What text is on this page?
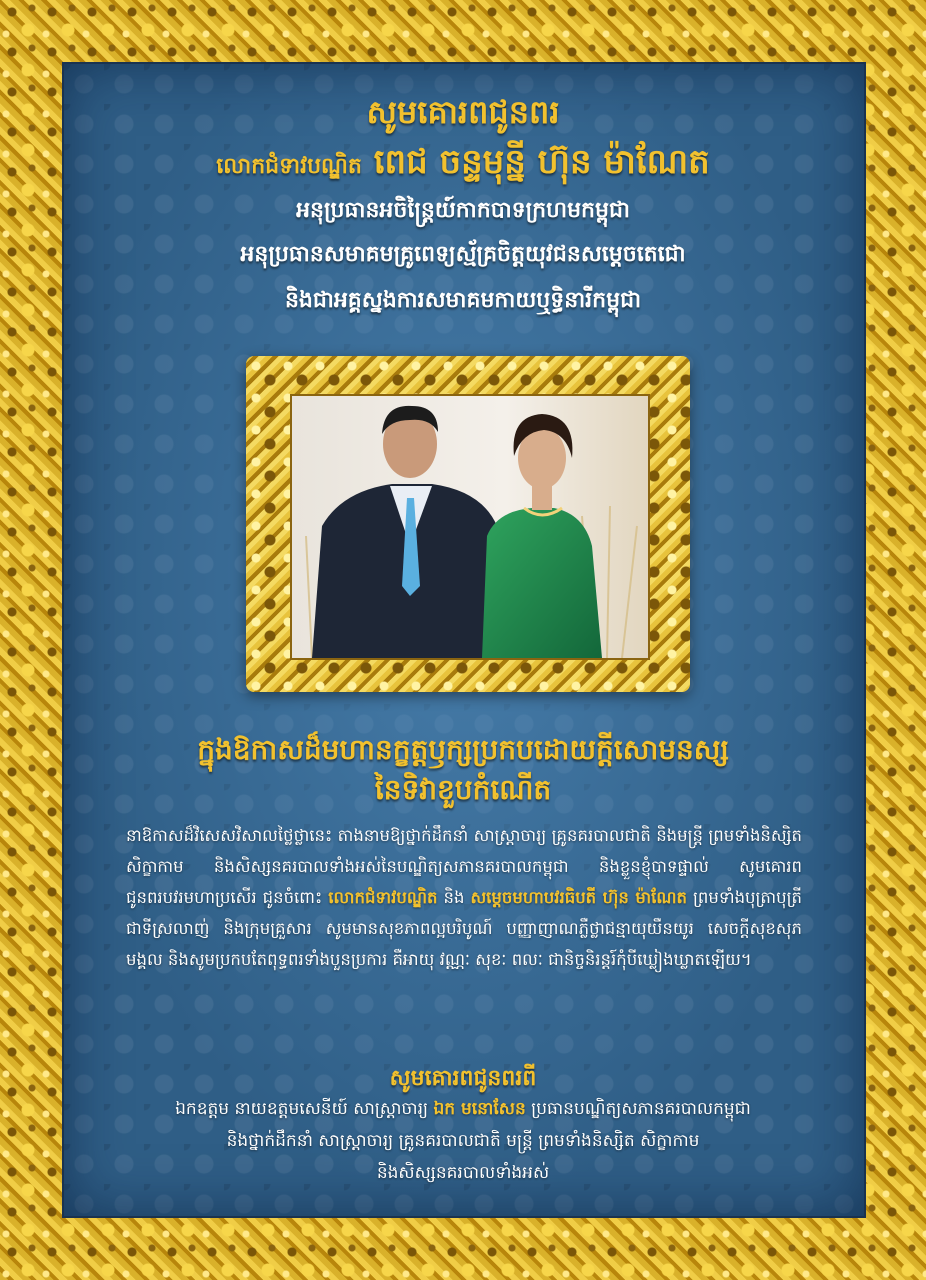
សូមគោរពជូនពរ
លោកជំទាវបណ្ឌិត ពេជ ចន្ទមុន្នី ហ៊ុន ម៉ាណែត
អនុប្រធានអចិន្ត្រៃយ៍កាកបាទក្រហមកម្ពុជា
អនុប្រធានសមាគមគ្រូពេទ្យស្ម័គ្រចិត្តយុវជនសម្តេចតេជោ
និងជាអគ្គស្នងការសមាគមកាយឬទ្ធិនារីកម្ពុជា
ក្នុងឱកាសដ៏មហានក្ខត្តឫក្សប្រកបដោយក្តីសោមនស្ស
នៃទិវាខួបកំណើត
នាឱកាសដ៏វិសេសវិសាលថ្លៃថ្លានេះ តាងនាមឱ្យថ្នាក់ដឹកនាំ សាស្ត្រាចារ្យ គ្រូនគរបាលជាតិ និងមន្ត្រី ព្រមទាំងនិស្សិត សិក្ខាកាម និងសិស្សនគរបាលទាំងអស់នៃបណ្ឌិត្យសភានគរបាលកម្ពុជា និងខ្លួនខ្ញុំបាទផ្ទាល់ សូមគោរពជូនពរបវរមហាប្រសើរ ជូនចំពោះ លោកជំទាវបណ្ឌិត និង សម្តេចមហាបវរធិបតី ហ៊ុន ម៉ាណែត ព្រមទាំងបុត្រាបុត្រីជាទីស្រលាញ់ និងក្រុមគ្រួសារ សូមមានសុខភាពល្អបរិបូណ៍ បញ្ញាញាណភ្លឺថ្លាជន្មាយុយឺនយូរ សេចក្តីសុខសុភមង្គល និងសូមប្រកបតែពុទ្ធពរទាំងបួនប្រការ គឺអាយុ វណ្ណៈ សុខៈ ពលៈ ជានិច្ចនិរន្តរ៍កុំបីឃ្លៀងឃ្លាតឡើយ។
សូមគោរពជូនពរពី
ឯកឧត្តម នាយឧត្តមសេនីយ៍ សាស្ត្រាចារ្យ ឯក មនោសែន ប្រធានបណ្ឌិត្យសភានគរបាលកម្ពុជា
និងថ្នាក់ដឹកនាំ សាស្ត្រាចារ្យ គ្រូនគរបាលជាតិ មន្ត្រី ព្រមទាំងនិស្សិត សិក្ខាកាម
និងសិស្សនគរបាលទាំងអស់
